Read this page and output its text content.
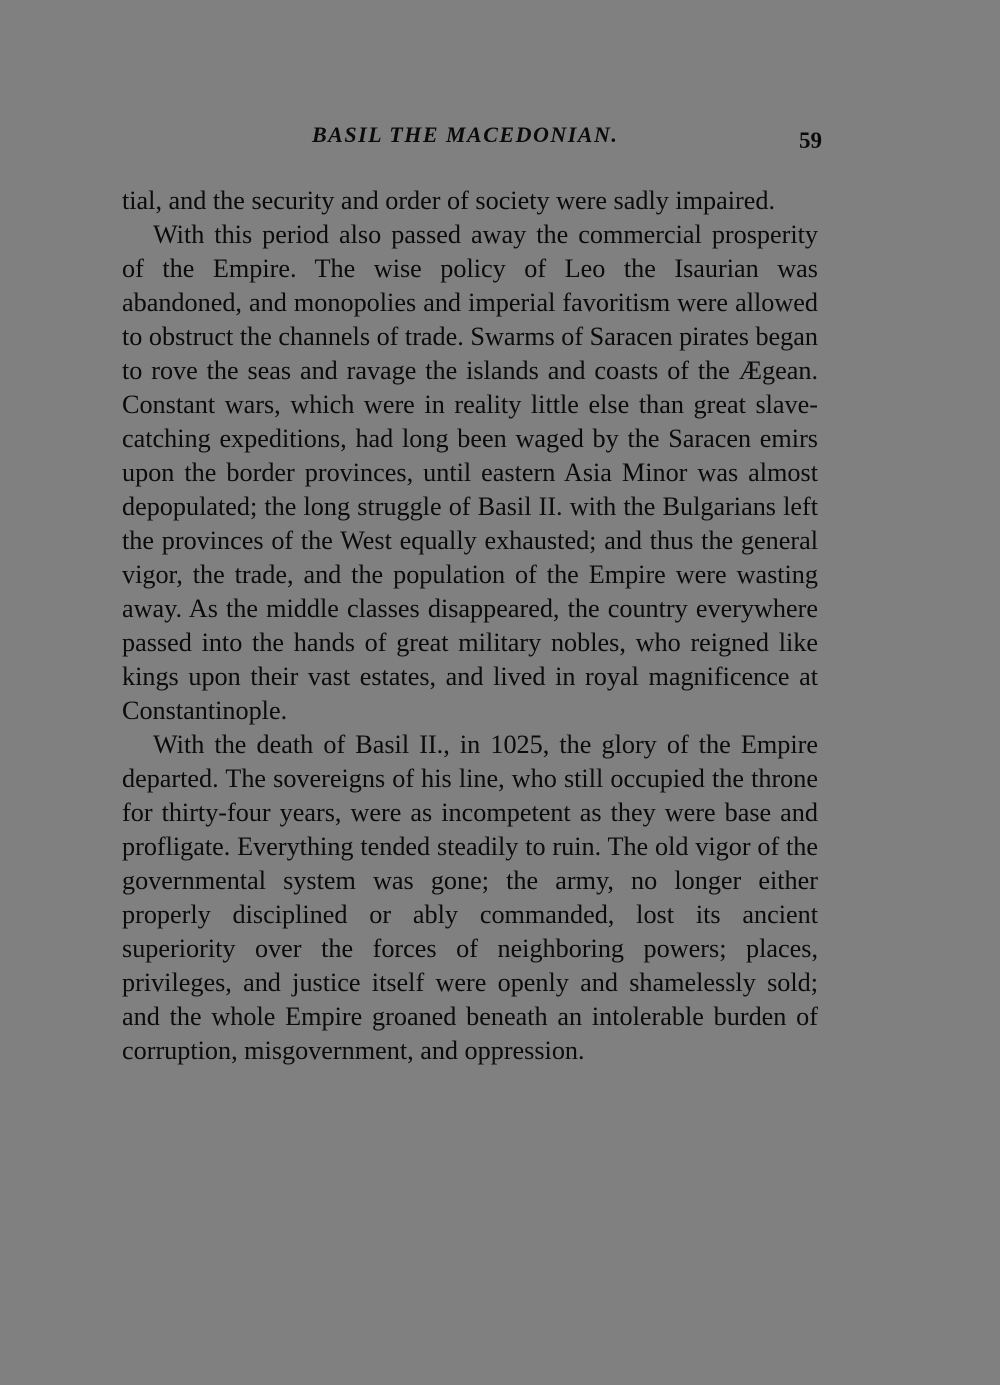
BASIL THE MACEDONIAN.	59

tial, and the security and order of society were sadly impaired.

With this period also passed away the commercial prosperity of the Empire. The wise policy of Leo the Isaurian was abandoned, and monopolies and imperial favoritism were allowed to obstruct the channels of trade. Swarms of Saracen pirates began to rove the seas and ravage the islands and coasts of the Ægean. Constant wars, which were in reality little else than great slave-catching expeditions, had long been waged by the Saracen emirs upon the border provinces, until eastern Asia Minor was almost depopulated; the long struggle of Basil II. with the Bulgarians left the provinces of the West equally exhausted; and thus the general vigor, the trade, and the population of the Empire were wasting away. As the middle classes disappeared, the country everywhere passed into the hands of great military nobles, who reigned like kings upon their vast estates, and lived in royal magnificence at Constantinople.

With the death of Basil II., in 1025, the glory of the Empire departed. The sovereigns of his line, who still occupied the throne for thirty-four years, were as incompetent as they were base and profligate. Everything tended steadily to ruin. The old vigor of the governmental system was gone; the army, no longer either properly disciplined or ably commanded, lost its ancient superiority over the forces of neighboring powers; places, privileges, and justice itself were openly and shamelessly sold; and the whole Empire groaned beneath an intolerable burden of corruption, misgovernment, and oppression.
